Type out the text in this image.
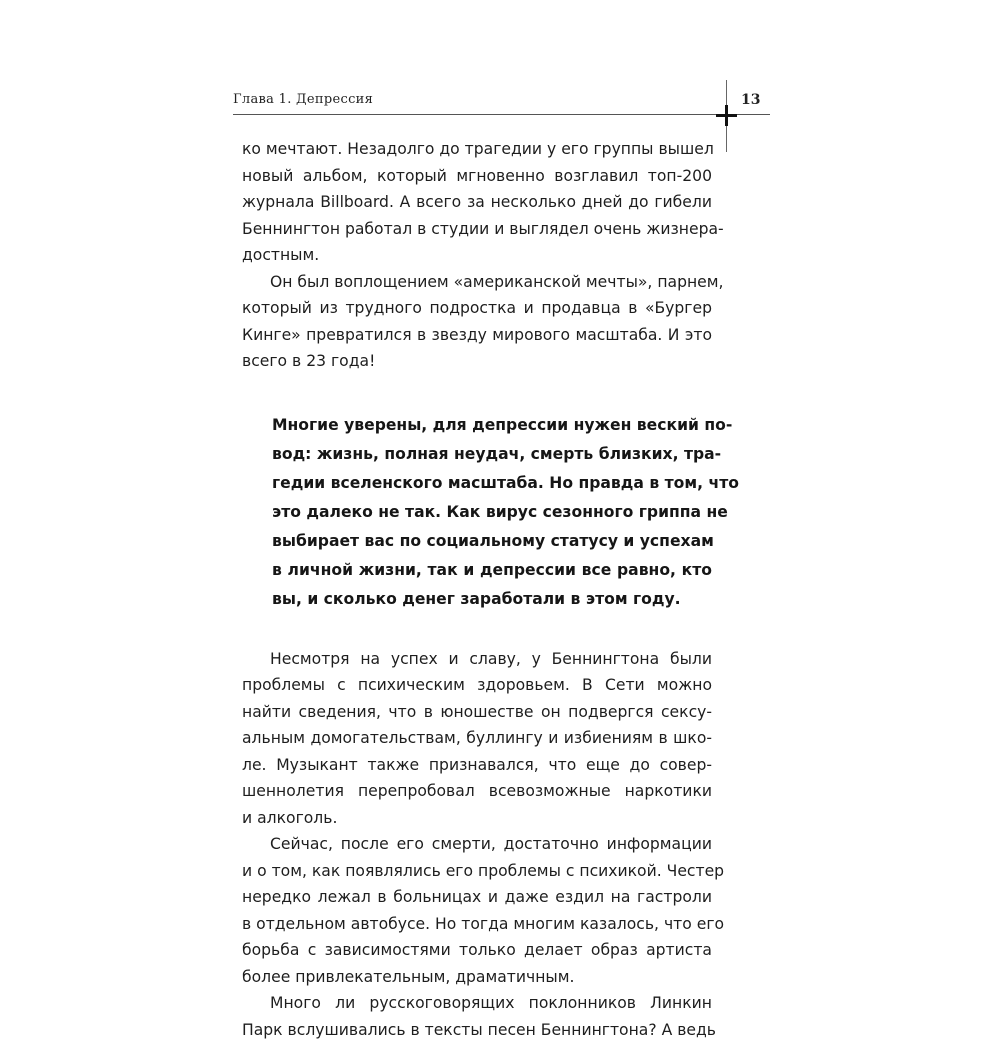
Глава 1. Депрессия	13

ко мечтают. Незадолго до трагедии у его группы вышел
новый альбом, который мгновенно возглавил топ-200
журнала Billboard. А всего за несколько дней до гибели
Беннингтон работал в студии и выглядел очень жизнера-
достным.

Он был воплощением «американской мечты», парнем,
который из трудного подростка и продавца в «Бургер
Кинге» превратился в звезду мирового масштаба. И это
всего в 23 года!

Многие уверены, для депрессии нужен веский по-
вод: жизнь, полная неудач, смерть близких, тра-
гедии вселенского масштаба. Но правда в том, что
это далеко не так. Как вирус сезонного гриппа не
выбирает вас по социальному статусу и успехам
в личной жизни, так и депрессии все равно, кто
вы, и сколько денег заработали в этом году.

Несмотря на успех и славу, у Беннингтона были
проблемы с психическим здоровьем. В Сети можно
найти сведения, что в юношестве он подвергся сексу-
альным домогательствам, буллингу и избиениям в шко-
ле. Музыкант также признавался, что еще до совер-
шеннолетия перепробовал всевозможные наркотики
и алкоголь.

Сейчас, после его смерти, достаточно информации
и о том, как появлялись его проблемы с психикой. Честер
нередко лежал в больницах и даже ездил на гастроли
в отдельном автобусе. Но тогда многим казалось, что его
борьба с зависимостями только делает образ артиста
более привлекательным, драматичным.

Много ли русскоговорящих поклонников Линкин
Парк вслушивались в тексты песен Беннингтона? А ведь
